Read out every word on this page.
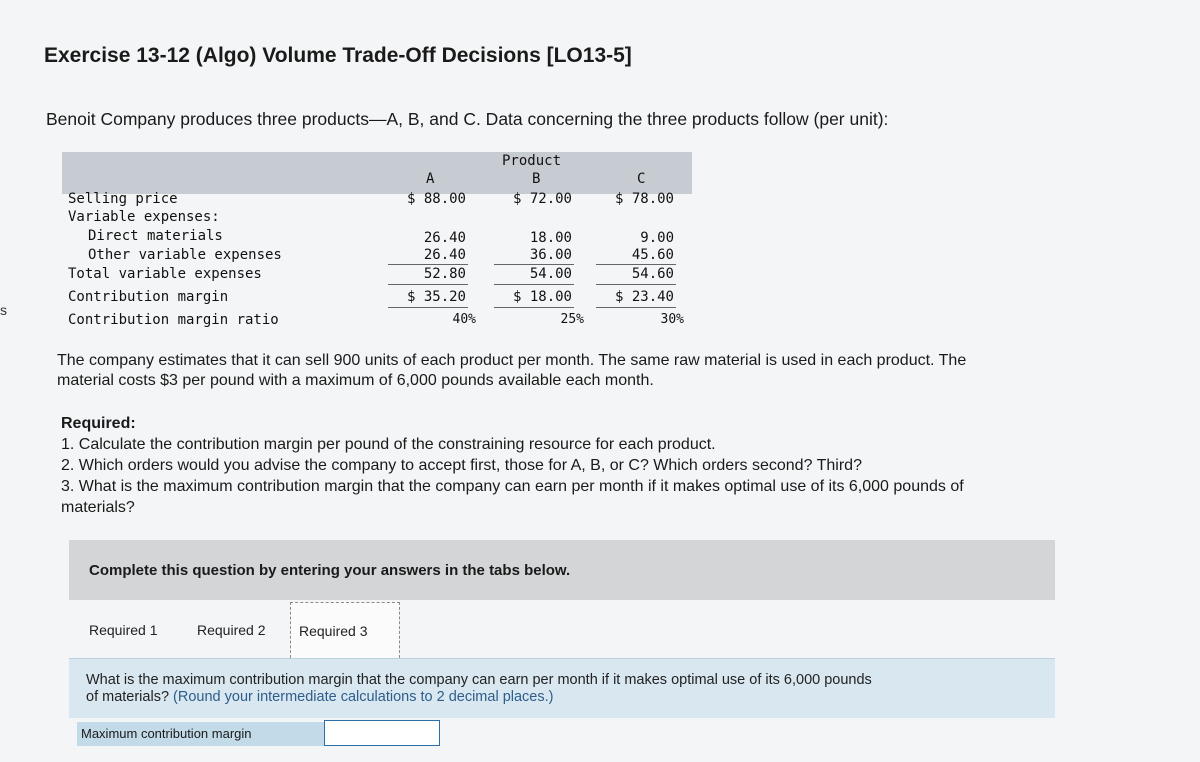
s
Exercise 13-12 (Algo) Volume Trade-Off Decisions [LO13-5]
Benoit Company produces three products—A, B, and C. Data concerning the three products follow (per unit):
Product
A	B	C
Selling price	$ 88.00	$ 72.00	$ 78.00
Variable expenses:
Direct materials	26.40	18.00	9.00
Other variable expenses	26.40	36.00	45.60
Total variable expenses	52.80	54.00	54.60
Contribution margin	$ 35.20	$ 18.00	$ 23.40
Contribution margin ratio	40%	25%	30%
The company estimates that it can sell 900 units of each product per month. The same raw material is used in each product. The
material costs $3 per pound with a maximum of 6,000 pounds available each month.
Required:
1. Calculate the contribution margin per pound of the constraining resource for each product.
2. Which orders would you advise the company to accept first, those for A, B, or C? Which orders second? Third?
3. What is the maximum contribution margin that the company can earn per month if it makes optimal use of its 6,000 pounds of
materials?
Complete this question by entering your answers in the tabs below.
Required 1	Required 2	Required 3
What is the maximum contribution margin that the company can earn per month if it makes optimal use of its 6,000 pounds
of materials? (Round your intermediate calculations to 2 decimal places.)
Maximum contribution margin
